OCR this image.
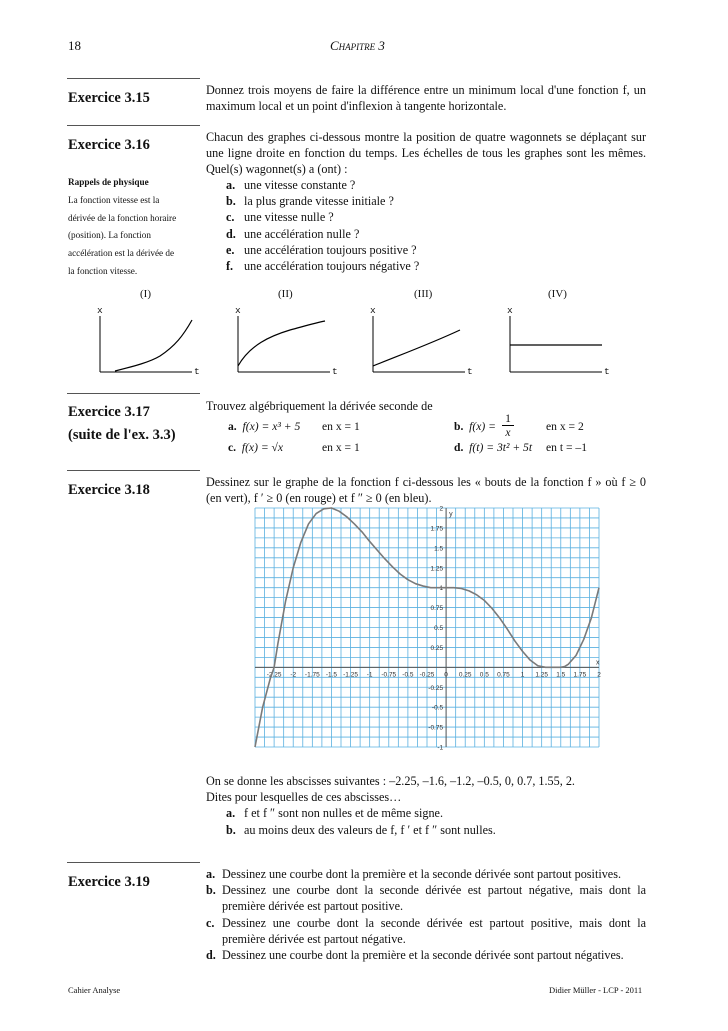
18	Chapitre 3
Exercice 3.15	Donnez trois moyens de faire la différence entre un minimum local d'une fonction f, un maximum local et un point d'inflexion à tangente horizontale.
Exercice 3.16	Chacun des graphes ci-dessous montre la position de quatre wagonnets se déplaçant sur une ligne droite en fonction du temps. Les échelles de tous les graphes sont les mêmes. Quel(s) wagonnet(s) a (ont) :
a. une vitesse constante ?
b. la plus grande vitesse initiale ?
c. une vitesse nulle ?
d. une accélération nulle ?
e. une accélération toujours positive ?
f. une accélération toujours négative ?
Rappels de physique
La fonction vitesse est la
dérivée de la fonction horaire
(position). La fonction
accélération est la dérivée de
la fonction vitesse.
(I)	(II)	(III)	(IV)
x
t
x
t
x
t
x
t
Exercice 3.17
(suite de l'ex. 3.3)
Trouvez algébriquement la dérivée seconde de
a. f(x) = x³ + 5 en x = 1	b. $f(x) = \frac{1}{x}$	en x = 2
c. f(x) = √x	en x = 1	d. f(t) = 3t² + 5t en t = –1
Exercice 3.18	Dessinez sur le graphe de la fonction f ci-dessous les « bouts de la fonction f » où f ≥ 0 (en vert), f ′ ≥ 0 (en rouge) et f ″ ≥ 0 (en bleu).
-2.25 -2 -1.75 -1.5 -1.25 -1 -0.75 -0.5 -0.25 0 0.25 0.5 0.75 1 1.25 1.5 1.75 2
-1
-0.75
-0.5
-0.25
0.25
0.5
0.75
1
1.25
1.5
1.75
2
x
y
On se donne les abscisses suivantes : –2.25, –1.6, –1.2, –0.5, 0, 0.7, 1.55, 2.
Dites pour lesquelles de ces abscisses…
a. f et f ″ sont non nulles et de même signe.
b. au moins deux des valeurs de f, f ′ et f ″ sont nulles.
Exercice 3.19	a. Dessinez une courbe dont la première et la seconde dérivée sont partout positives.
b. Dessinez une courbe dont la seconde dérivée est partout négative, mais dont la première dérivée est partout positive.
c. Dessinez une courbe dont la seconde dérivée est partout positive, mais dont la première dérivée est partout négative.
d. Dessinez une courbe dont la première et la seconde dérivée sont partout négatives.
Cahier Analyse	Didier Müller - LCP - 2011
